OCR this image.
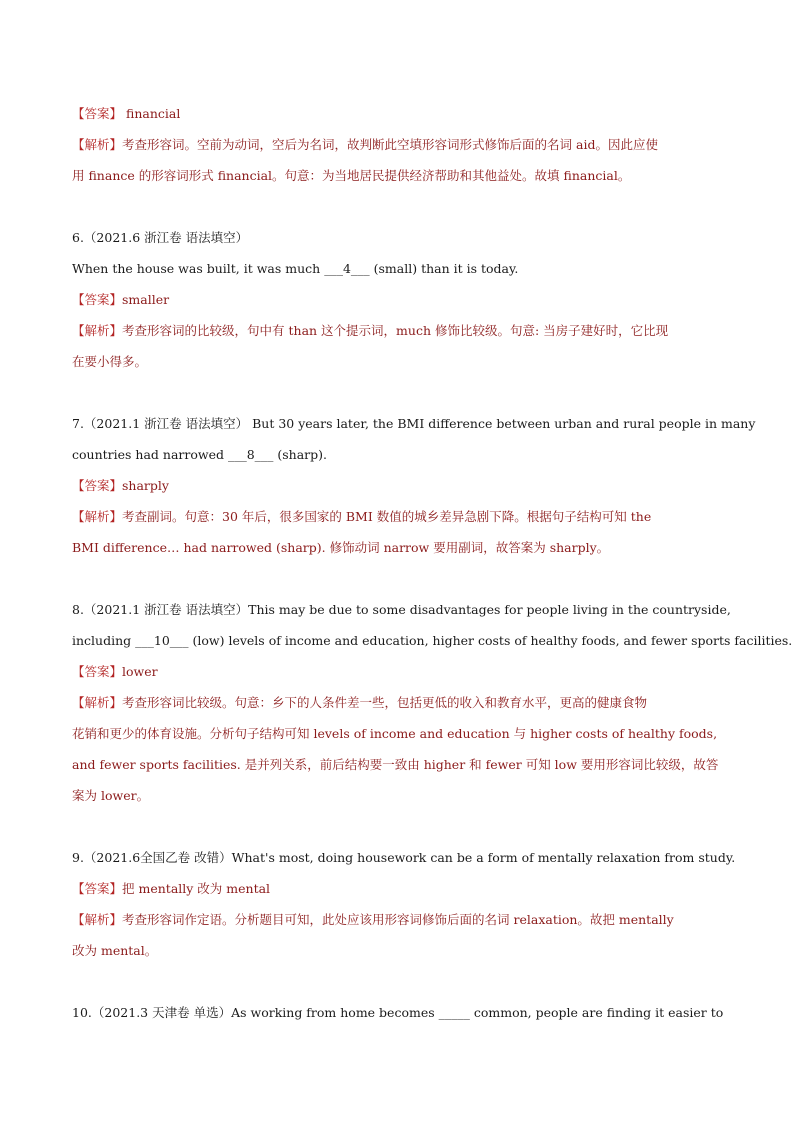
【答案】 financial
【解析】考查形容词。空前为动词，空后为名词，故判断此空填形容词形式修饰后面的名词 aid。因此应使
用 finance 的形容词形式 financial。句意：为当地居民提供经济帮助和其他益处。故填 financial。
6.（2021.6 浙江卷 语法填空）
When the house was built, it was much ___4___ (small) than it is today.
【答案】smaller
【解析】考查形容词的比较级，句中有 than 这个提示词，much 修饰比较级。句意: 当房子建好时，它比现
在要小得多。
7.（2021.1 浙江卷 语法填空） But 30 years later, the BMI difference between urban and rural people in many
countries had narrowed ___8___ (sharp).
【答案】sharply
【解析】考查副词。句意：30 年后，很多国家的 BMI 数值的城乡差异急剧下降。根据句子结构可知 the
BMI difference… had narrowed (sharp). 修饰动词 narrow 要用副词，故答案为 sharply。
8.（2021.1 浙江卷 语法填空）This may be due to some disadvantages for people living in the countryside,
including ___10___ (low) levels of income and education, higher costs of healthy foods, and fewer sports facilities.
【答案】lower
【解析】考查形容词比较级。句意：乡下的人条件差一些，包括更低的收入和教育水平，更高的健康食物
花销和更少的体育设施。分析句子结构可知 levels of income and education 与 higher costs of healthy foods,
and fewer sports facilities. 是并列关系，前后结构要一致由 higher 和 fewer 可知 low 要用形容词比较级，故答
案为 lower。
9.（2021.6全国乙卷 改错）What's most, doing housework can be a form of mentally relaxation from study.
【答案】把 mentally 改为 mental
【解析】考查形容词作定语。分析题目可知，此处应该用形容词修饰后面的名词 relaxation。故把 mentally
改为 mental。
10.（2021.3 天津卷 单选）As working from home becomes _____ common, people are finding it easier to
